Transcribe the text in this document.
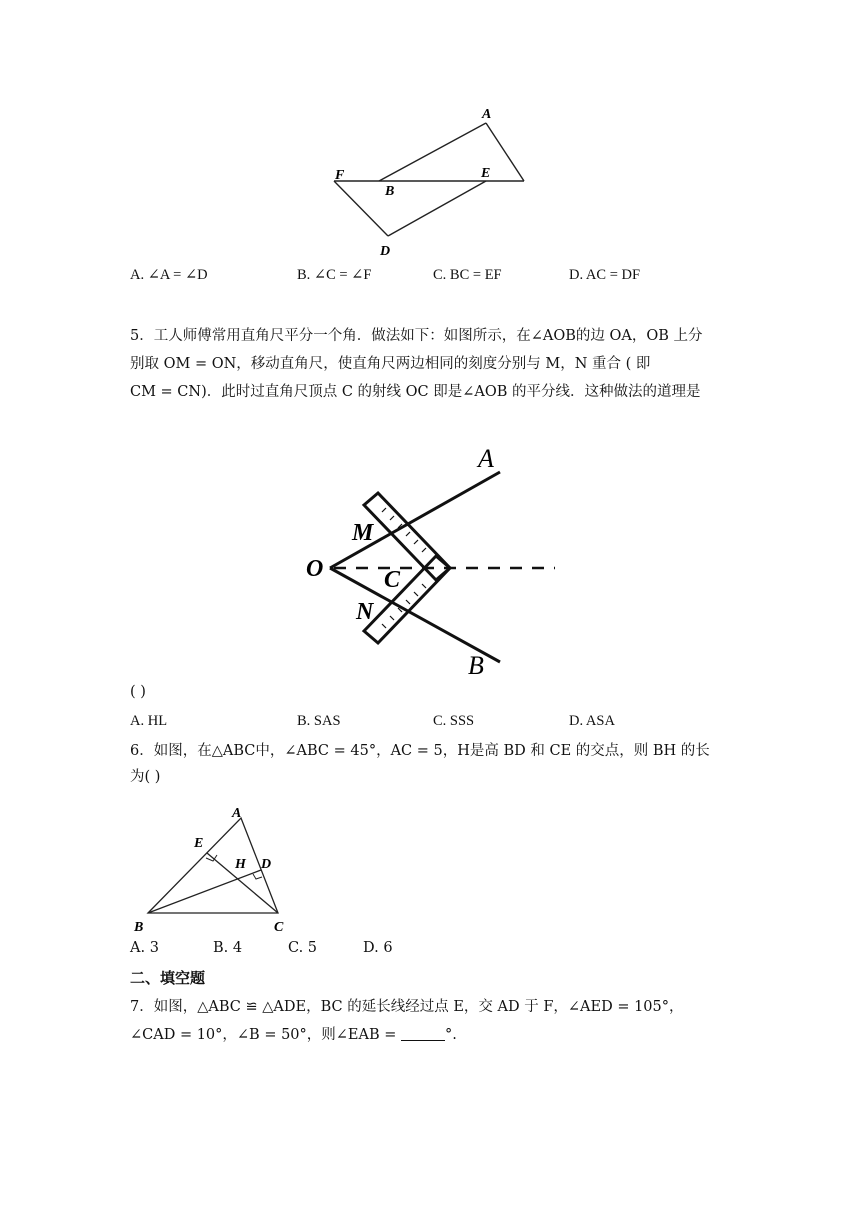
A
F
B
E
D
A. ∠A = ∠D	B. ∠C = ∠F	C. BC = EF	D. AC = DF
5．工人师傅常用直角尺平分一个角．做法如下：如图所示，在∠AOB的边 OA，OB 上分
别取 OM = ON，移动直角尺，使直角尺两边相同的刻度分别与 M，N 重合 ( 即
CM = CN)．此时过直角尺顶点 C 的射线 OC 即是∠AOB 的平分线．这种做法的道理是
A
M
O	C
N
B
( )
A. HL	B. SAS	C. SSS	D. ASA
6．如图，在△ABC中，∠ABC = 45°，AC = 5，H是高 BD 和 CE 的交点，则 BH 的长
为( )
A
E
H D
B	C
A. 3	B. 4	C. 5	D. 6
二、填空题
7．如图，△ABC ≌ △ADE，BC 的延长线经过点 E，交 AD 于 F，∠AED = 105°，
∠CAD = 10°，∠B = 50°，则∠EAB =	°.
